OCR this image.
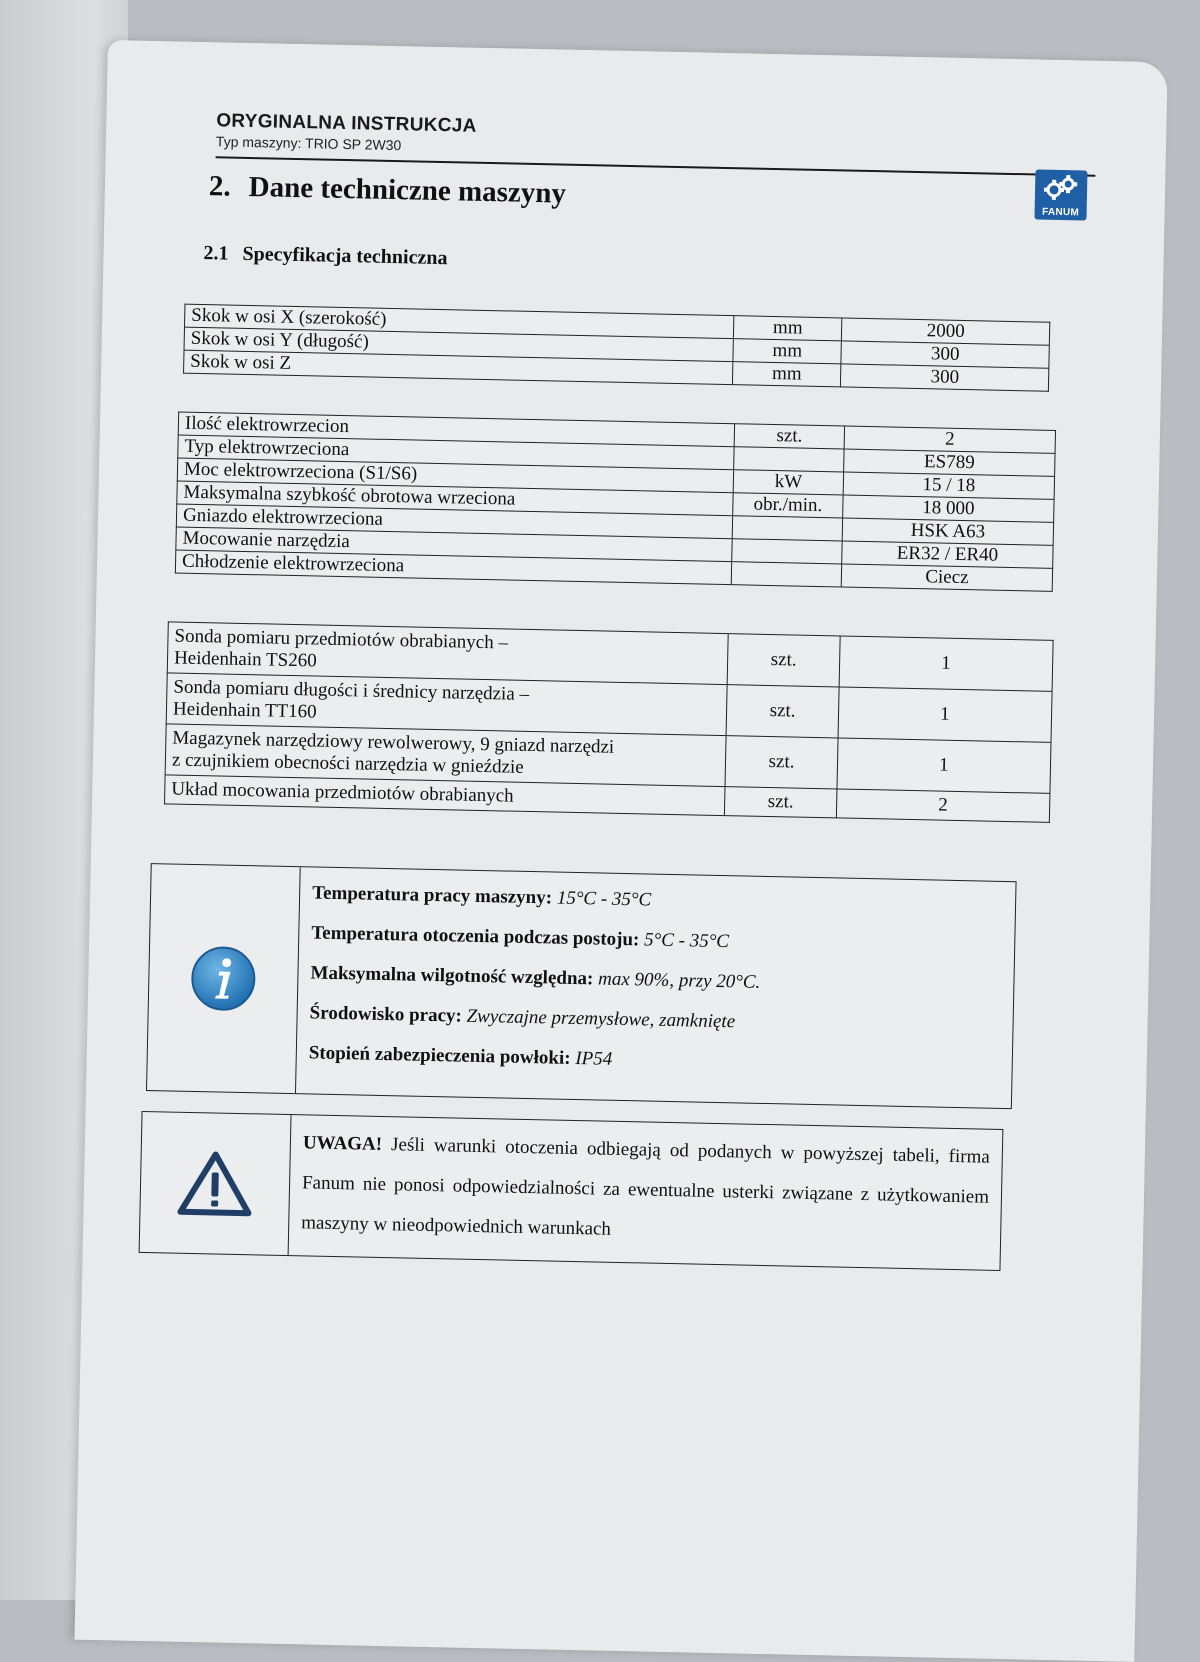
ORYGINALNA INSTRUKCJA
Typ maszyny: TRIO SP 2W30
FANUM
2. Dane techniczne maszyny
2.1 Specyfikacja techniczna
Skok w osi X (szerokość)	mm	2000
Skok w osi Y (długość)	mm	300
Skok w osi Z	mm	300
Ilość elektrowrzecion	szt.	2
Typ elektrowrzeciona		ES789
Moc elektrowrzeciona (S1/S6)	kW	15 / 18
Maksymalna szybkość obrotowa wrzeciona	obr./min.	18 000
Gniazdo elektrowrzeciona		HSK A63
Mocowanie narzędzia		ER32 / ER40
Chłodzenie elektrowrzeciona		Ciecz
Sonda pomiaru przedmiotów obrabianych –
Heidenhain TS260	szt.	1

Sonda pomiaru długości i średnicy narzędzia –
Heidenhain TT160	szt.	1

Magazynek narzędziowy rewolwerowy, 9 gniazd narzędzi
z czujnikiem obecności narzędzia w gnieździe	szt.	1
Układ mocowania przedmiotów obrabianych	szt.	2
Temperatura pracy maszyny: 15°C - 35°C
Temperatura otoczenia podczas postoju: 5°C - 35°C
Maksymalna wilgotność względna: max 90%, przy 20°C.
Środowisko pracy: Zwyczajne przemysłowe, zamknięte
Stopień zabezpieczenia powłoki: IP54
UWAGA! Jeśli warunki otoczenia odbiegają od podanych w powyższej tabeli, firma Fanum nie ponosi odpowiedzialności za ewentualne usterki związane z użytkowaniem maszyny w nieodpowiednich warunkach
